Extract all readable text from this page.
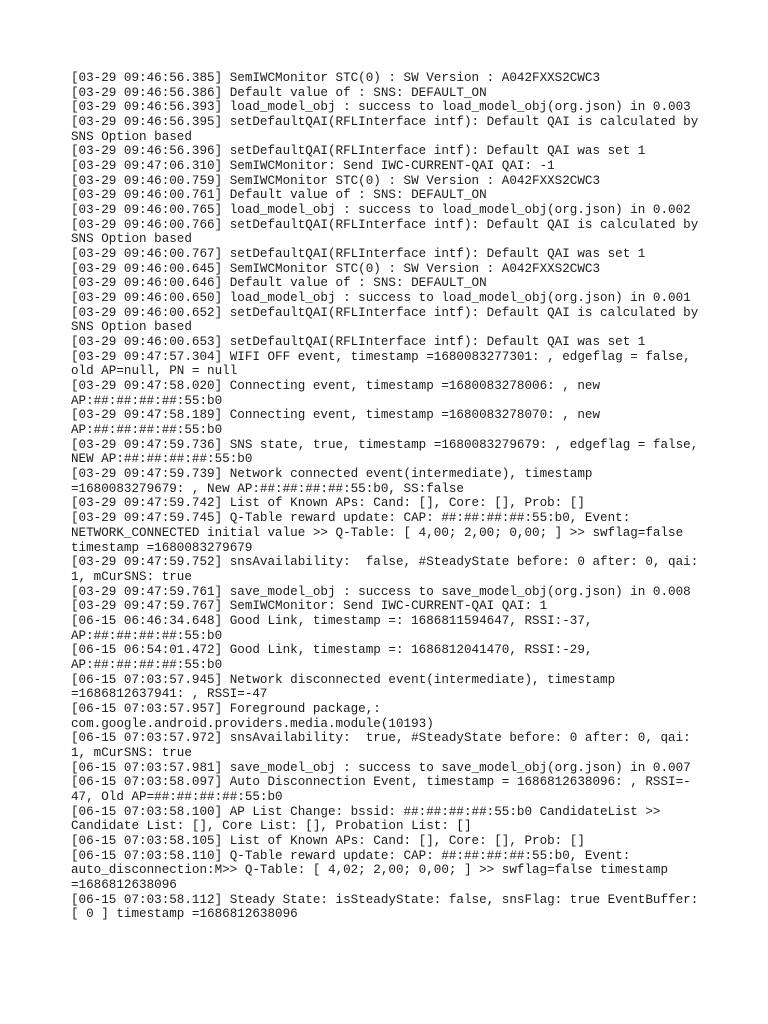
[03-29 09:46:56.385] SemIWCMonitor STC(0) : SW Version : A042FXXS2CWC3
[03-29 09:46:56.386] Default value of : SNS: DEFAULT_ON
[03-29 09:46:56.393] load_model_obj : success to load_model_obj(org.json) in 0.003
[03-29 09:46:56.395] setDefaultQAI(RFLInterface intf): Default QAI is calculated by
SNS Option based
[03-29 09:46:56.396] setDefaultQAI(RFLInterface intf): Default QAI was set 1
[03-29 09:47:06.310] SemIWCMonitor: Send IWC-CURRENT-QAI QAI: -1
[03-29 09:46:00.759] SemIWCMonitor STC(0) : SW Version : A042FXXS2CWC3
[03-29 09:46:00.761] Default value of : SNS: DEFAULT_ON
[03-29 09:46:00.765] load_model_obj : success to load_model_obj(org.json) in 0.002
[03-29 09:46:00.766] setDefaultQAI(RFLInterface intf): Default QAI is calculated by
SNS Option based
[03-29 09:46:00.767] setDefaultQAI(RFLInterface intf): Default QAI was set 1
[03-29 09:46:00.645] SemIWCMonitor STC(0) : SW Version : A042FXXS2CWC3
[03-29 09:46:00.646] Default value of : SNS: DEFAULT_ON
[03-29 09:46:00.650] load_model_obj : success to load_model_obj(org.json) in 0.001
[03-29 09:46:00.652] setDefaultQAI(RFLInterface intf): Default QAI is calculated by
SNS Option based
[03-29 09:46:00.653] setDefaultQAI(RFLInterface intf): Default QAI was set 1
[03-29 09:47:57.304] WIFI OFF event, timestamp =1680083277301: , edgeflag = false,
old AP=null, PN = null
[03-29 09:47:58.020] Connecting event, timestamp =1680083278006: , new
AP:##:##:##:##:55:b0
[03-29 09:47:58.189] Connecting event, timestamp =1680083278070: , new
AP:##:##:##:##:55:b0
[03-29 09:47:59.736] SNS state, true, timestamp =1680083279679: , edgeflag = false,
NEW AP:##:##:##:##:55:b0
[03-29 09:47:59.739] Network connected event(intermediate), timestamp
=1680083279679: , New AP:##:##:##:##:55:b0, SS:false
[03-29 09:47:59.742] List of Known APs: Cand: [], Core: [], Prob: []
[03-29 09:47:59.745] Q-Table reward update: CAP: ##:##:##:##:55:b0, Event:
NETWORK_CONNECTED initial value >> Q-Table: [ 4,00; 2,00; 0,00; ] >> swflag=false
timestamp =1680083279679
[03-29 09:47:59.752] snsAvailability:  false, #SteadyState before: 0 after: 0, qai:
1, mCurSNS: true
[03-29 09:47:59.761] save_model_obj : success to save_model_obj(org.json) in 0.008
[03-29 09:47:59.767] SemIWCMonitor: Send IWC-CURRENT-QAI QAI: 1
[06-15 06:46:34.648] Good Link, timestamp =: 1686811594647, RSSI:-37,
AP:##:##:##:##:55:b0
[06-15 06:54:01.472] Good Link, timestamp =: 1686812041470, RSSI:-29,
AP:##:##:##:##:55:b0
[06-15 07:03:57.945] Network disconnected event(intermediate), timestamp
=1686812637941: , RSSI=-47
[06-15 07:03:57.957] Foreground package,:
com.google.android.providers.media.module(10193)
[06-15 07:03:57.972] snsAvailability:  true, #SteadyState before: 0 after: 0, qai:
1, mCurSNS: true
[06-15 07:03:57.981] save_model_obj : success to save_model_obj(org.json) in 0.007
[06-15 07:03:58.097] Auto Disconnection Event, timestamp = 1686812638096: , RSSI=-
47, Old AP=##:##:##:##:55:b0
[06-15 07:03:58.100] AP List Change: bssid: ##:##:##:##:55:b0 CandidateList >>
Candidate List: [], Core List: [], Probation List: []
[06-15 07:03:58.105] List of Known APs: Cand: [], Core: [], Prob: []
[06-15 07:03:58.110] Q-Table reward update: CAP: ##:##:##:##:55:b0, Event:
auto_disconnection:M>> Q-Table: [ 4,02; 2,00; 0,00; ] >> swflag=false timestamp
=1686812638096
[06-15 07:03:58.112] Steady State: isSteadyState: false, snsFlag: true EventBuffer:
[ 0 ] timestamp =1686812638096
